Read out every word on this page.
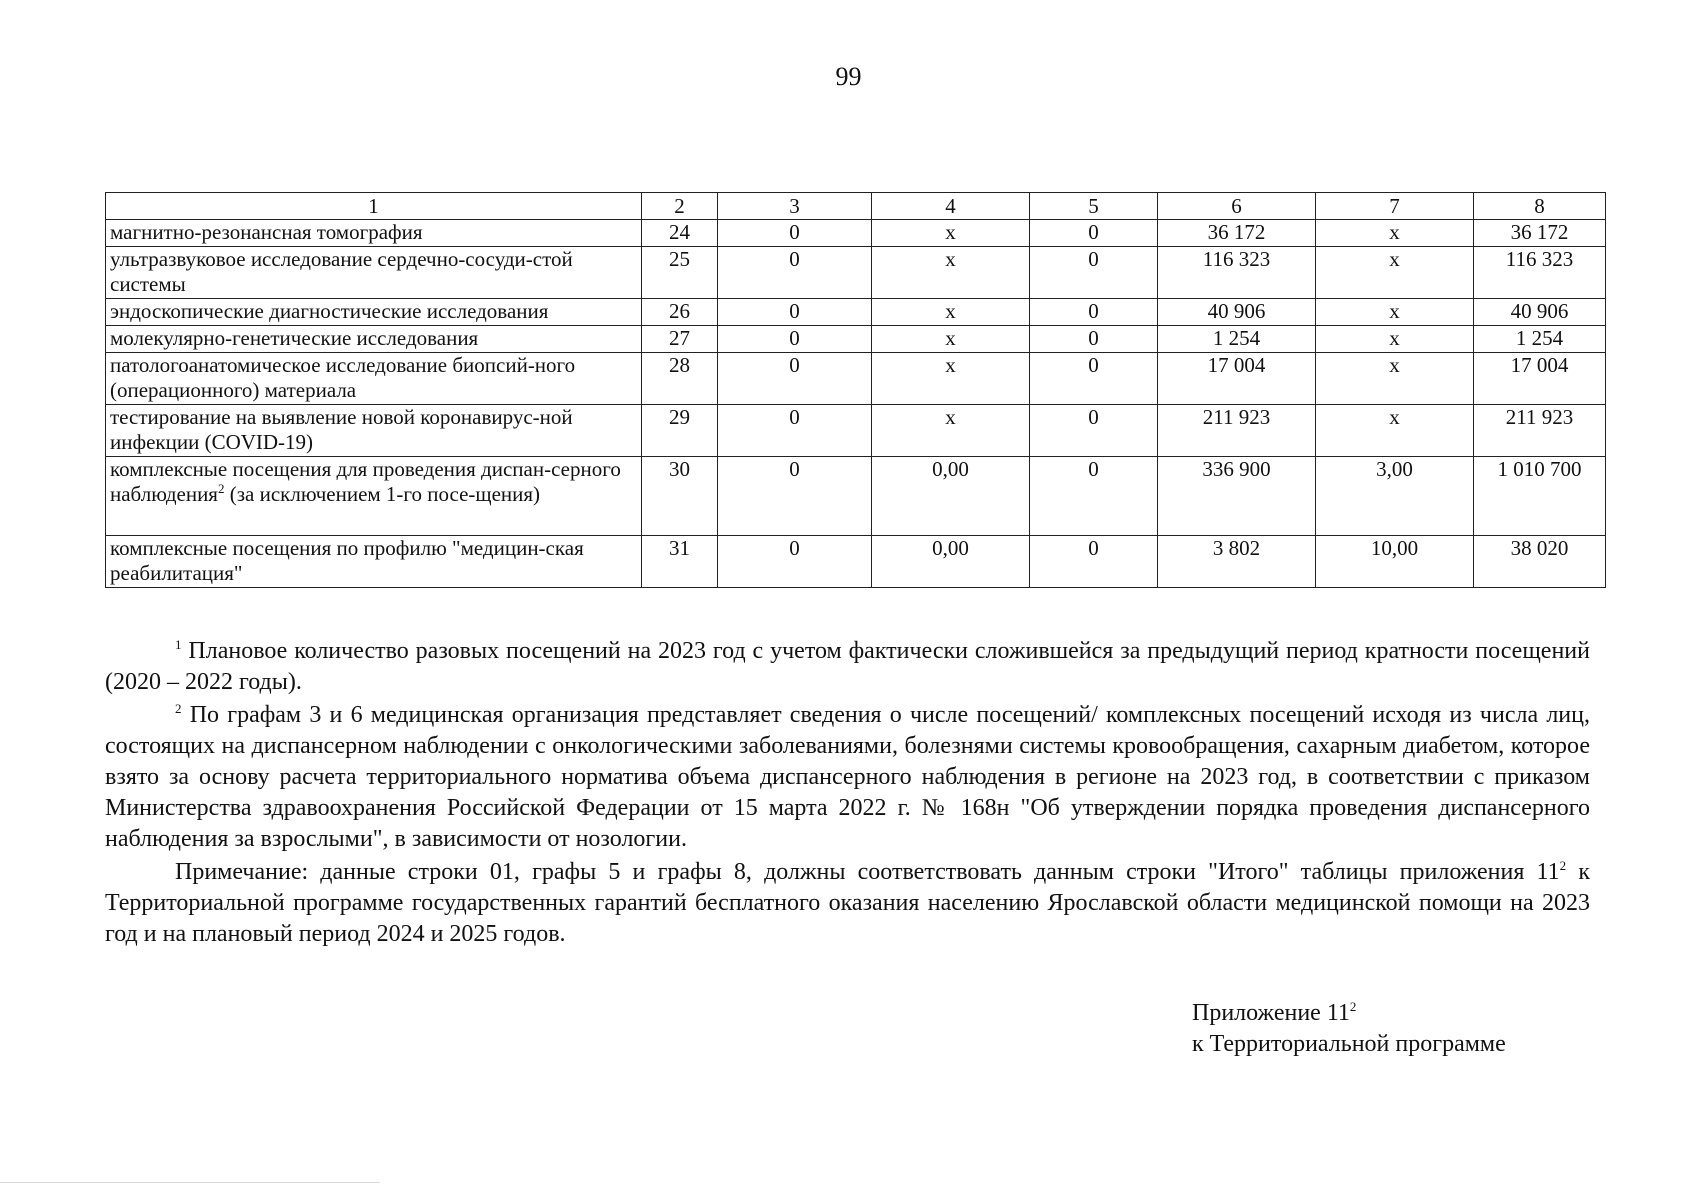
99
1	2	3	4	5	6	7	8
магнитно-резонансная томография	24	0	х	0	36 172	х	36 172
ультразвуковое исследование сердечно-сосуди-стой системы	25	0	х	0	116 323	х	116 323
эндоскопические диагностические исследования	26	0	х	0	40 906	х	40 906
молекулярно-генетические исследования	27	0	х	0	1 254	х	1 254
патологоанатомическое исследование биопсий-ного (операционного) материала	28	0	х	0	17 004	х	17 004
тестирование на выявление новой коронавирус-ной инфекции (COVID-19)	29	0	х	0	211 923	х	211 923
комплексные посещения для проведения диспан-серного наблюдения$^2$ (за исключением 1-го посе-щения)	30	0	0,00	0	336 900	3,00	1 010 700
комплексные посещения по профилю "медицин-ская реабилитация"	31	0	0,00	0	3 802	10,00	38 020

$^1$ Плановое количество разовых посещений на 2023 год с учетом фактически сложившейся за предыдущий период кратности посещений (2020 – 2022 годы).

$^2$ По графам 3 и 6 медицинская организация представляет сведения о числе посещений/ комплексных посещений исходя из числа лиц, состоящих на диспансерном наблюдении с онкологическими заболеваниями, болезнями системы кровообращения, сахарным диабетом, которое взято за основу расчета территориального норматива объема диспансерного наблюдения в регионе на 2023 год, в соответствии с приказом Министерства здравоохранения Российской Федерации от 15 марта 2022 г. № 168н "Об утверждении порядка проведения диспансерного наблюдения за взрослыми", в зависимости от нозологии.

Примечание: данные строки 01, графы 5 и графы 8, должны соответствовать данным строки "Итого" таблицы приложения $11^2$ к Территориальной программе государственных гарантий бесплатного оказания населению Ярославской области медицинской помощи на 2023 год и на плановый период 2024 и 2025 годов.

Приложение $11^2$
к Территориальной программе
